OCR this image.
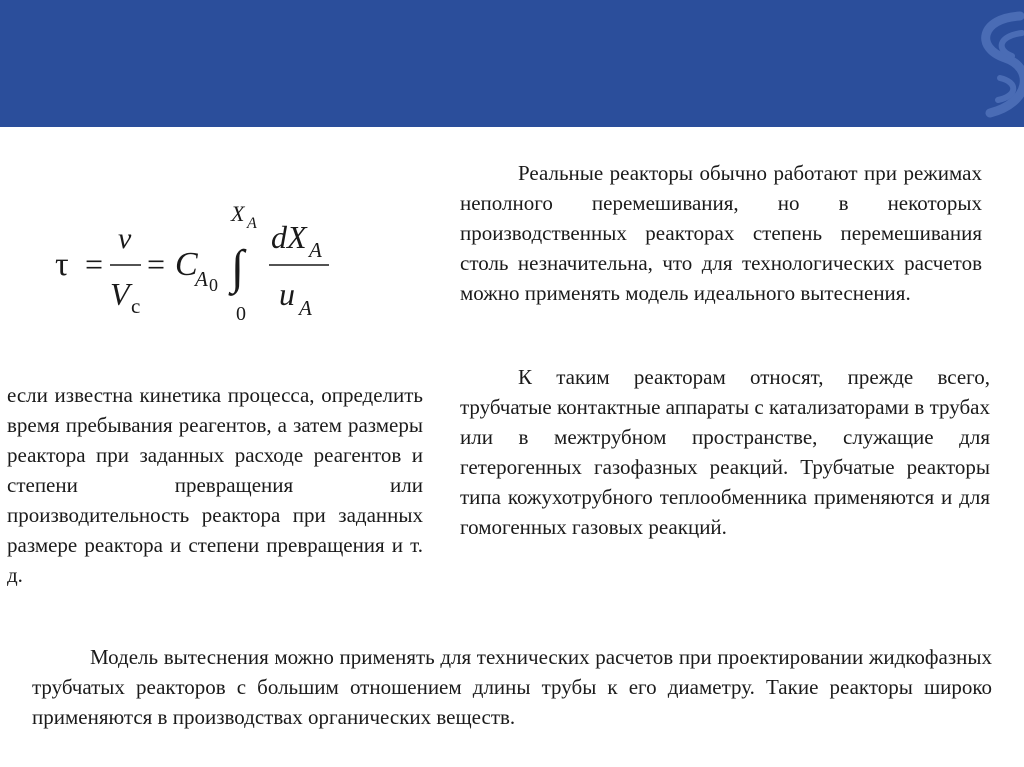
τ =
v
V c
= C
A 0
X A
∫
0
dX A
u A

Реальные реакторы обычно работают при режимах неполного перемешивания, но в некоторых производственных реакторах степень перемешивания столь незначительна, что для технологических расчетов можно применять модель идеального вытеснения.

К таким реакторам относят, прежде всего, трубчатые контактные аппараты с катализаторами в трубах или в межтрубном пространстве, служащие для гетерогенных газофазных реакций. Трубчатые реакторы типа кожухотрубного теплообменника применяются и для гомогенных газовых реакций.

если известна кинетика процесса, определить время пребывания реагентов, а затем размеры реактора при заданных расходе реагентов и степени превращения или производительность реактора при заданных размере реактора и степени превращения и т. д.

Модель вытеснения можно применять для технических расчетов при проектировании жидкофазных трубчатых реакторов с большим отношением длины трубы к его диаметру. Такие реакторы широко применяются в производствах органических веществ.
